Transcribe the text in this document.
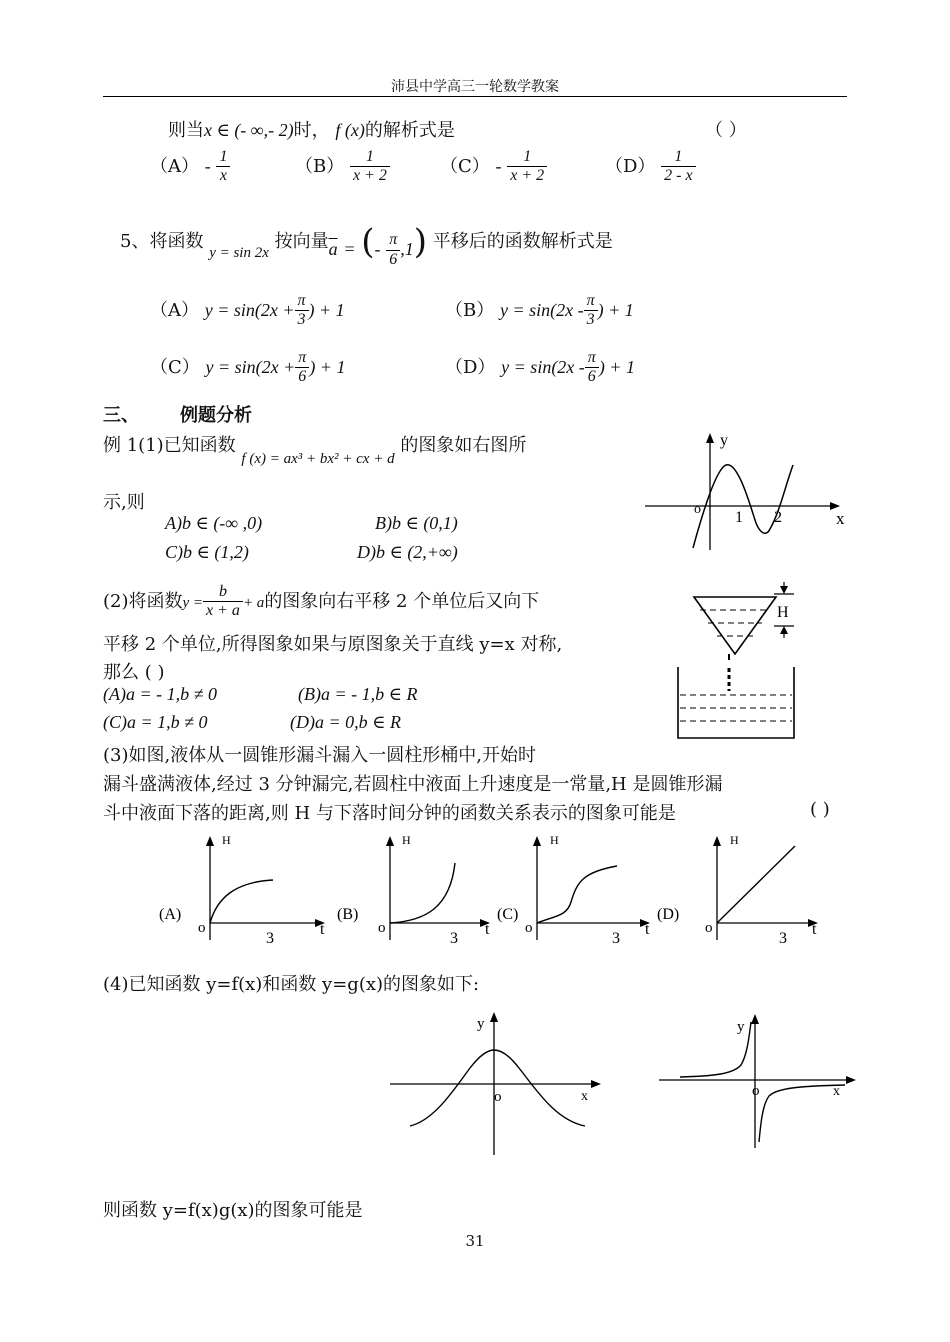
沛县中学高三一轮数学教案
则当x ∈ (- ∞,- 2)时， f (x)的解析式是	（ ）
$(A) - \frac{1}{x}$	$(B) \frac{1}{x + 2}$	$(C) - \frac{1}{x + 2}$	$(D) \frac{1}{2 - x}$
5、将函数 $_{y = sin 2x}$ 按向量$\overline{a}$ = (- $\frac{\pi}{6} ,1$) 平移后的函数解析式是
（A） $y = \sin(2x + \frac{\pi}{3}$ ) + 1	（B） $y = \sin(2x - \frac{\pi}{3}$ ) + 1
（C） $y = \sin(2x + \frac{\pi}{6}$ ) + 1	（D） $y = \sin(2x - \frac{\pi}{6}$ ) + 1
三、 例题分析
例 1(1)已知函数 $_{f (x) = ax^3 + bx^2 + cx + d}$ 的图象如右图所
示,则
A)b ∈ (-∞ ,0)	B)b ∈ (0,1)
C)b ∈ (1,2)	D)b ∈ (2,+∞)
y
x
o 1 2
(2)将函数$y = \frac{b}{x + a} + a$的图象向右平移 2 个单位后又向下
平移 2 个单位,所得图象如果与原图象关于直线 y=x 对称,
那么 ( )
(A)a = - 1,b ≠ 0	(B)a = - 1,b ∈ R
(C)a = 1,b ≠ 0	(D)a = 0,b ∈ R
H
(3)如图,液体从一圆锥形漏斗漏入一圆柱形桶中,开始时
漏斗盛满液体,经过 3 分钟漏完,若圆柱中液面上升速度是一常量,H 是圆锥形漏
斗中液面下落的距离,则 H 与下落时间分钟的函数关系表示的图象可能是	( )
H
t
o
3
(A)
H
t
o
3
(B)
H
t
o
3
(C)
H
t
o
3
(D)
(4)已知函数 y=f(x)和函数 y=g(x)的图象如下:
y
x
o
y
x
o
则函数 y=f(x)g(x)的图象可能是
31
